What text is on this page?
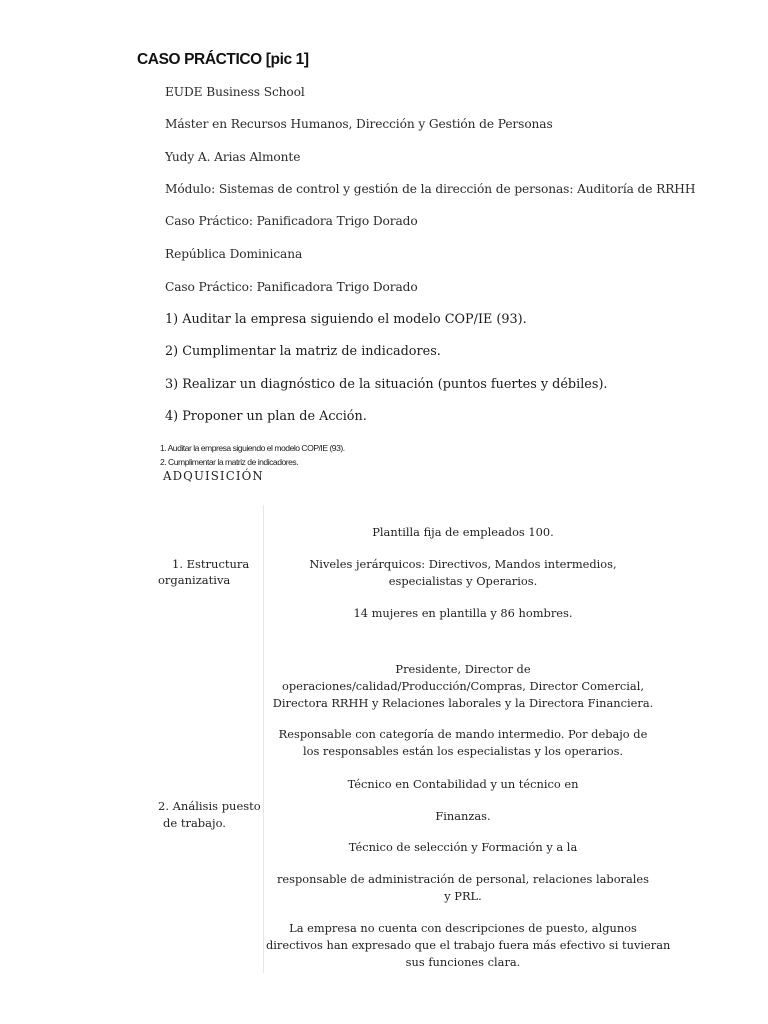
CASO PRÁCTICO [pic 1]
EUDE Business School
Máster en Recursos Humanos, Dirección y Gestión de Personas
Yudy A. Arias Almonte
Módulo: Sistemas de control y gestión de la dirección de personas: Auditoría de RRHH
Caso Práctico: Panificadora Trigo Dorado
República Dominicana
Caso Práctico: Panificadora Trigo Dorado
1) Auditar la empresa siguiendo el modelo COP/IE (93).
2) Cumplimentar la matriz de indicadores.
3) Realizar un diagnóstico de la situación (puntos fuertes y débiles).
4) Proponer un plan de Acción.
1. Auditar la empresa siguiendo el modelo COP/IE (93).
2. Cumplimentar la matriz de indicadores.
ADQUISICIÓN
1. Estructura
organizativa
Plantilla fija de empleados 100.
Niveles jerárquicos: Directivos, Mandos intermedios,
especialistas y Operarios.
14 mujeres en plantilla y 86 hombres.
2. Análisis puesto
de trabajo.
Presidente, Director de
operaciones/calidad/Producción/Compras, Director Comercial,
Directora RRHH y Relaciones laborales y la Directora Financiera.
Responsable con categoría de mando intermedio. Por debajo de
los responsables están los especialistas y los operarios.
Técnico en Contabilidad y un técnico en
Finanzas.
Técnico de selección y Formación y a la
responsable de administración de personal, relaciones laborales
y PRL.
La empresa no cuenta con descripciones de puesto, algunos
directivos han expresado que el trabajo fuera más efectivo si tuvieran
sus funciones clara.
